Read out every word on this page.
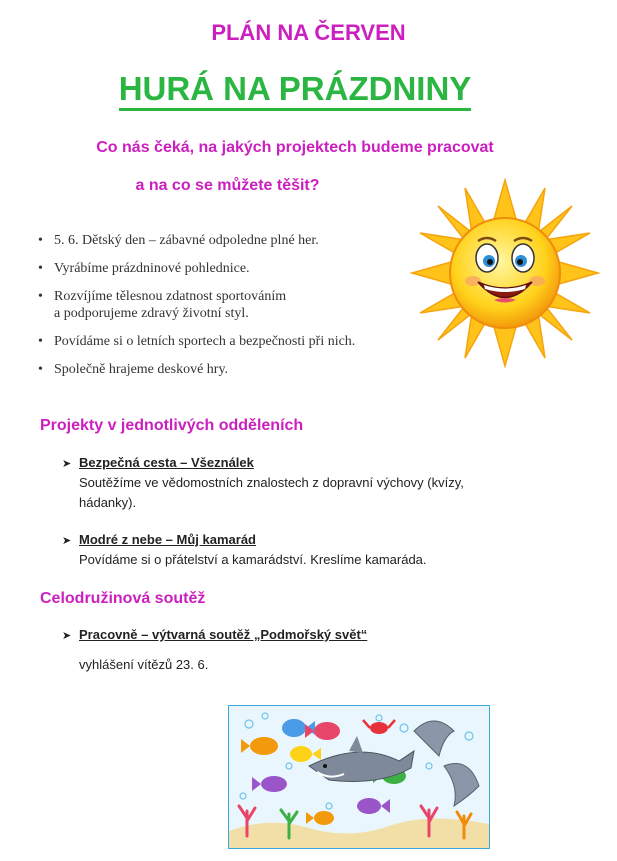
PLÁN NA ČERVEN
HURÁ NA PRÁZDNINY
Co nás čeká, na jakých projektech budeme pracovat
a na co se můžete těšit?
• 5. 6. Dětský den – zábavné odpoledne plné her.
• Vyrábíme prázdninové pohlednice.
• Rozvíjíme tělesnou zdatnost sportováním
a podporujeme zdravý životní styl.
• Povídáme si o letních sportech a bezpečnosti při nich.
• Společně hrajeme deskové hry.
Projekty v jednotlivých odděleních
➤ Bezpečná cesta – Všeználek
Soutěžíme ve vědomostních znalostech z dopravní výchovy (kvízy, hádanky).
➤ Modré z nebe – Můj kamarád
Povídáme si o přátelství a kamarádství. Kreslíme kamaráda.
Celodružinová soutěž
➤ Pracovně – výtvarná soutěž „Podmořský svět“
vyhlášení vítězů 23. 6.
